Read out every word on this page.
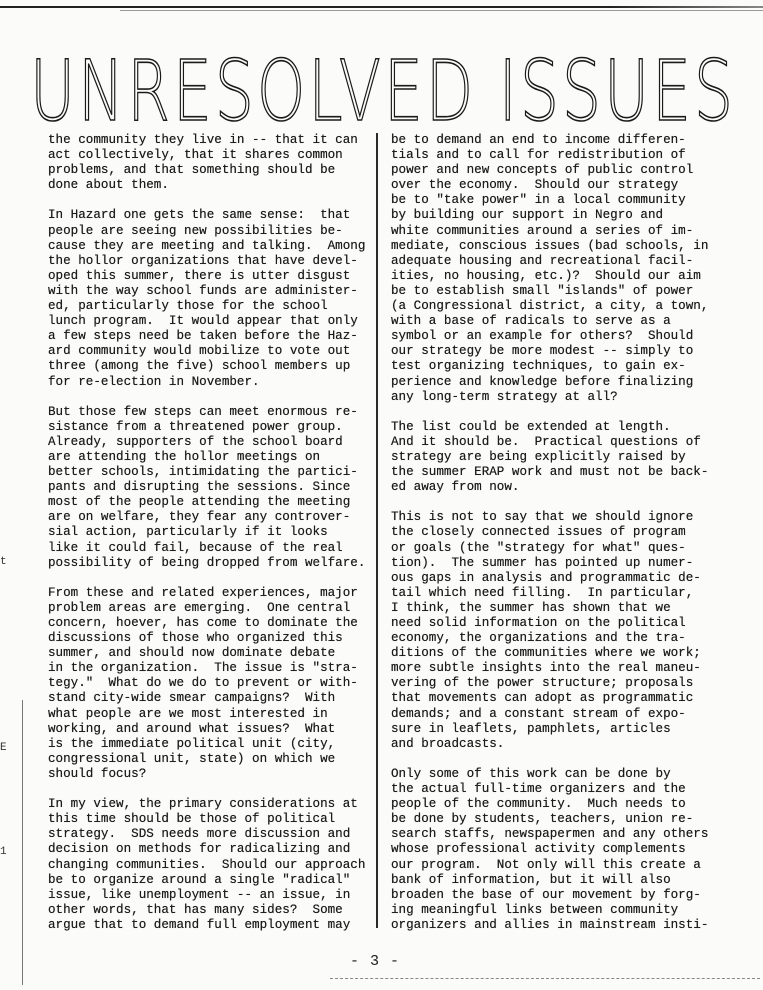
UNRESOLVED ISSUES
the community they live in -- that it can
act collectively, that it shares common
problems, and that something should be
done about them.

In Hazard one gets the same sense:  that
people are seeing new possibilities be-
cause they are meeting and talking.  Among
the hollor organizations that have devel-
oped this summer, there is utter disgust
with the way school funds are administer-
ed, particularly those for the school
lunch program.  It would appear that only
a few steps need be taken before the Haz-
ard community would mobilize to vote out
three (among the five) school members up
for re-election in November.

But those few steps can meet enormous re-
sistance from a threatened power group.
Already, supporters of the school board
are attending the hollor meetings on
better schools, intimidating the partici-
pants and disrupting the sessions. Since
most of the people attending the meeting
are on welfare, they fear any controver-
sial action, particularly if it looks
like it could fail, because of the real
possibility of being dropped from welfare.

From these and related experiences, major
problem areas are emerging.  One central
concern, hoever, has come to dominate the
discussions of those who organized this
summer, and should now dominate debate
in the organization.  The issue is "stra-
tegy."  What do we do to prevent or with-
stand city-wide smear campaigns?  With
what people are we most interested in
working, and around what issues?  What
is the immediate political unit (city,
congressional unit, state) on which we
should focus?

In my view, the primary considerations at
this time should be those of political
strategy.  SDS needs more discussion and
decision on methods for radicalizing and
changing communities.  Should our approach
be to organize around a single "radical"
issue, like unemployment -- an issue, in
other words, that has many sides?  Some
argue that to demand full employment may
be to demand an end to income differen-
tials and to call for redistribution of
power and new concepts of public control
over the economy.  Should our strategy
be to "take power" in a local community
by building our support in Negro and
white communities around a series of im-
mediate, conscious issues (bad schools, in
adequate housing and recreational facil-
ities, no housing, etc.)?  Should our aim
be to establish small "islands" of power
(a Congressional district, a city, a town,
with a base of radicals to serve as a
symbol or an example for others?  Should
our strategy be more modest -- simply to
test organizing techniques, to gain ex-
perience and knowledge before finalizing
any long-term strategy at all?

The list could be extended at length.
And it should be.  Practical questions of
strategy are being explicitly raised by
the summer ERAP work and must not be back-
ed away from now.

This is not to say that we should ignore
the closely connected issues of program
or goals (the "strategy for what" ques-
tion).  The summer has pointed up numer-
ous gaps in analysis and programmatic de-
tail which need filling.  In particular,
I think, the summer has shown that we
need solid information on the political
economy, the organizations and the tra-
ditions of the communities where we work;
more subtle insights into the real maneu-
vering of the power structure; proposals
that movements can adopt as programmatic
demands; and a constant stream of expo-
sure in leaflets, pamphlets, articles
and broadcasts.

Only some of this work can be done by
the actual full-time organizers and the
people of the community.  Much needs to
be done by students, teachers, union re-
search staffs, newspapermen and any others
whose professional activity complements
our program.  Not only will this create a
bank of information, but it will also
broaden the base of our movement by forg-
ing meaningful links between community
organizers and allies in mainstream insti-
t
E
1
- 3 -
